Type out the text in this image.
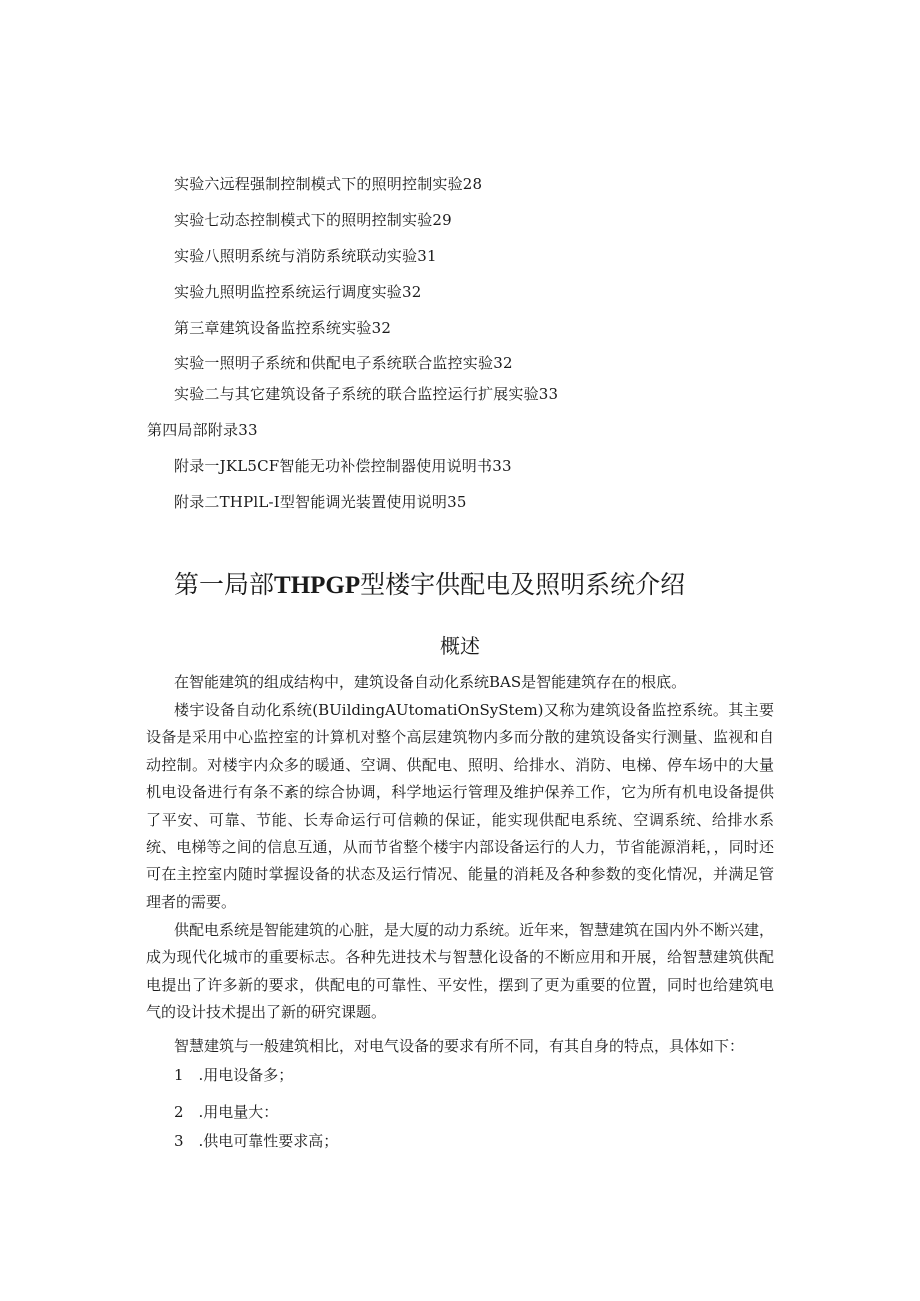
实验六远程强制控制模式下的照明控制实验28
实验七动态控制模式下的照明控制实验29
实验八照明系统与消防系统联动实验31
实验九照明监控系统运行调度实验32
第三章建筑设备监控系统实验32
实验一照明子系统和供配电子系统联合监控实验32
实验二与其它建筑设备子系统的联合监控运行扩展实验33
第四局部附录33
附录一JKL5CF智能无功补偿控制器使用说明书33
附录二THPlL-I型智能调光装置使用说明35
第一局部THPGP型楼宇供配电及照明系统介绍
概述

在智能建筑的组成结构中，建筑设备自动化系统BAS是智能建筑存在的根底。

楼宇设备自动化系统(BUildingAUtomatiOnSyStem)又称为建筑设备监控系统。其主要设备是采用中心监控室的计算机对整个高层建筑物内多而分散的建筑设备实行测量、监视和自动控制。对楼宇内众多的暖通、空调、供配电、照明、给排水、消防、电梯、停车场中的大量机电设备进行有条不紊的综合协调，科学地运行管理及维护保养工作，它为所有机电设备提供了平安、可靠、节能、长寿命运行可信赖的保证，能实现供配电系统、空调系统、给排水系统、电梯等之间的信息互通，从而节省整个楼宇内部设备运行的人力，节省能源消耗，，同时还可在主控室内随时掌握设备的状态及运行情况、能量的消耗及各种参数的变化情况，并满足管理者的需要。

供配电系统是智能建筑的心脏，是大厦的动力系统。近年来，智慧建筑在国内外不断兴建，成为现代化城市的重要标志。各种先进技术与智慧化设备的不断应用和开展，给智慧建筑供配电提出了许多新的要求，供配电的可靠性、平安性，摆到了更为重要的位置，同时也给建筑电气的设计技术提出了新的研究课题。

智慧建筑与一般建筑相比，对电气设备的要求有所不同，有其自身的特点，具体如下：

1　.用电设备多；
2　.用电量大：
3　.供电可靠性要求高；
